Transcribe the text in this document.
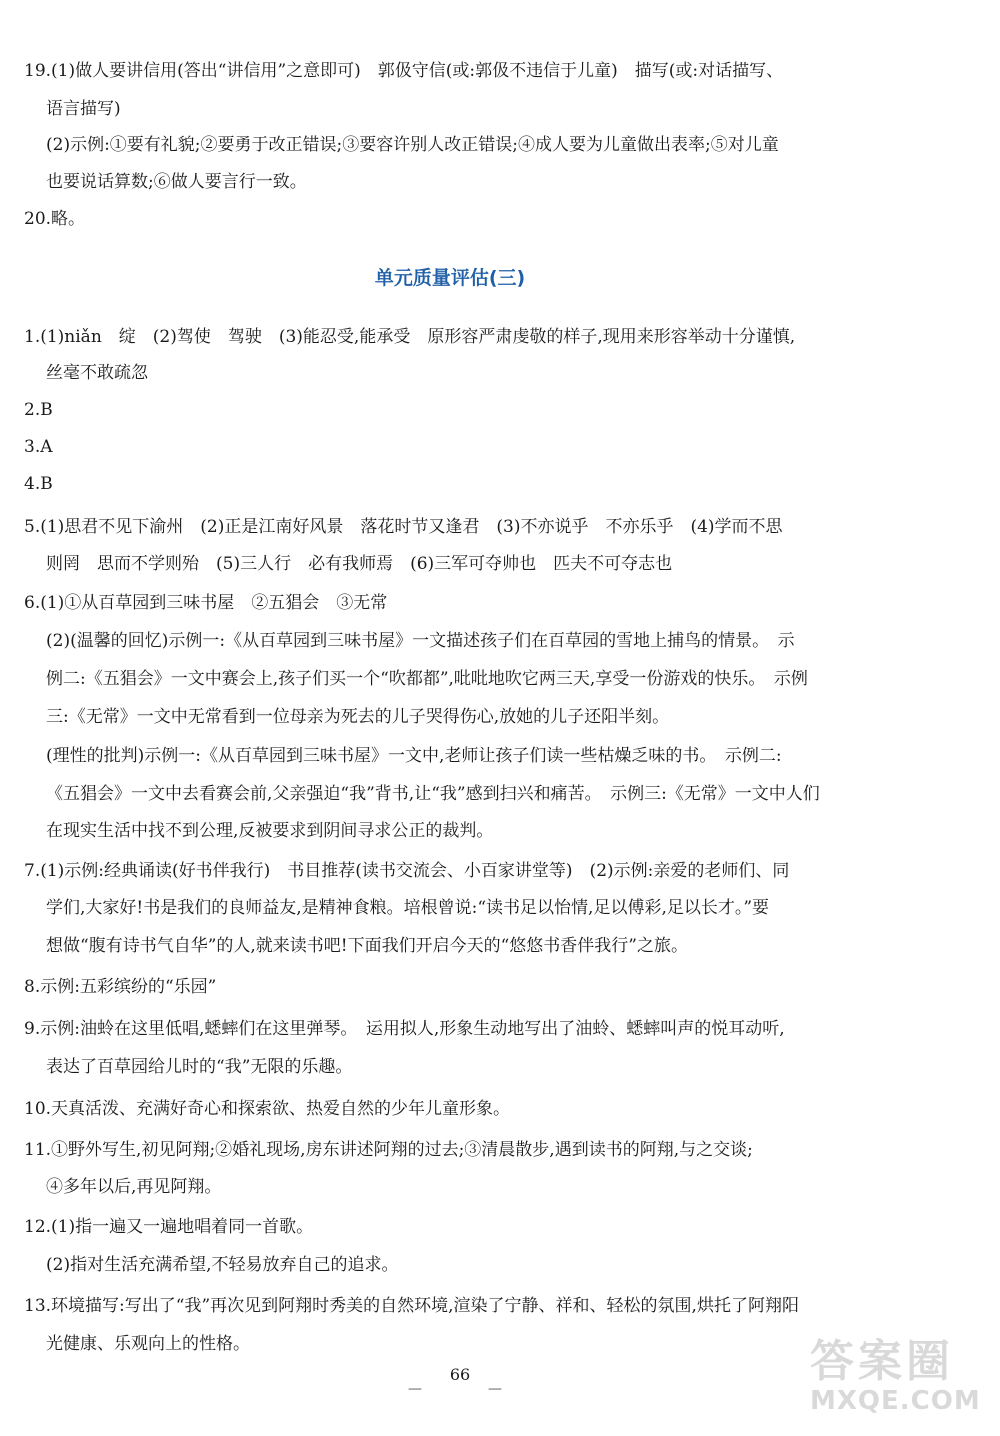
19.(1)做人要讲信用(答出“讲信用”之意即可)　郭伋守信(或:郭伋不违信于儿童)　描写(或:对话描写、
语言描写)
(2)示例:①要有礼貌;②要勇于改正错误;③要容许别人改正错误;④成人要为儿童做出表率;⑤对儿童
也要说话算数;⑥做人要言行一致。
20.略。
单元质量评估(三)
1.(1)niǎn　绽　(2)驾使　驾驶　(3)能忍受,能承受　原形容严肃虔敬的样子,现用来形容举动十分谨慎,
丝毫不敢疏忽
2.B
3.A
4.B
5.(1)思君不见下渝州　(2)正是江南好风景　落花时节又逢君　(3)不亦说乎　不亦乐乎　(4)学而不思
则罔　思而不学则殆　(5)三人行　必有我师焉　(6)三军可夺帅也　匹夫不可夺志也
6.(1)①从百草园到三味书屋　②五猖会　③无常
(2)(温馨的回忆)示例一:《从百草园到三味书屋》一文描述孩子们在百草园的雪地上捕鸟的情景。　示
例二:《五猖会》一文中赛会上,孩子们买一个“吹都都”,吡吡地吹它两三天,享受一份游戏的快乐。　示例
三:《无常》一文中无常看到一位母亲为死去的儿子哭得伤心,放她的儿子还阳半刻。
(理性的批判)示例一:《从百草园到三味书屋》一文中,老师让孩子们读一些枯燥乏味的书。　示例二:
《五猖会》一文中去看赛会前,父亲强迫“我”背书,让“我”感到扫兴和痛苦。　示例三:《无常》一文中人们
在现实生活中找不到公理,反被要求到阴间寻求公正的裁判。
7.(1)示例:经典诵读(好书伴我行)　书目推荐(读书交流会、小百家讲堂等)　(2)示例:亲爱的老师们、同
学们,大家好!书是我们的良师益友,是精神食粮。培根曾说:“读书足以怡情,足以傅彩,足以长才。”要
想做“腹有诗书气自华”的人,就来读书吧!下面我们开启今天的“悠悠书香伴我行”之旅。
8.示例:五彩缤纷的“乐园”
9.示例:油蛉在这里低唱,蟋蟀们在这里弹琴。　运用拟人,形象生动地写出了油蛉、蟋蟀叫声的悦耳动听,
表达了百草园给儿时的“我”无限的乐趣。
10.天真活泼、充满好奇心和探索欲、热爱自然的少年儿童形象。
11.①野外写生,初见阿翔;②婚礼现场,房东讲述阿翔的过去;③清晨散步,遇到读书的阿翔,与之交谈;
④多年以后,再见阿翔。
12.(1)指一遍又一遍地唱着同一首歌。
(2)指对生活充满希望,不轻易放弃自己的追求。
13.环境描写:写出了“我”再次见到阿翔时秀美的自然环境,渲染了宁静、祥和、轻松的氛围,烘托了阿翔阳
光健康、乐观向上的性格。
—
66
—
答案圈
MXQE.COM
